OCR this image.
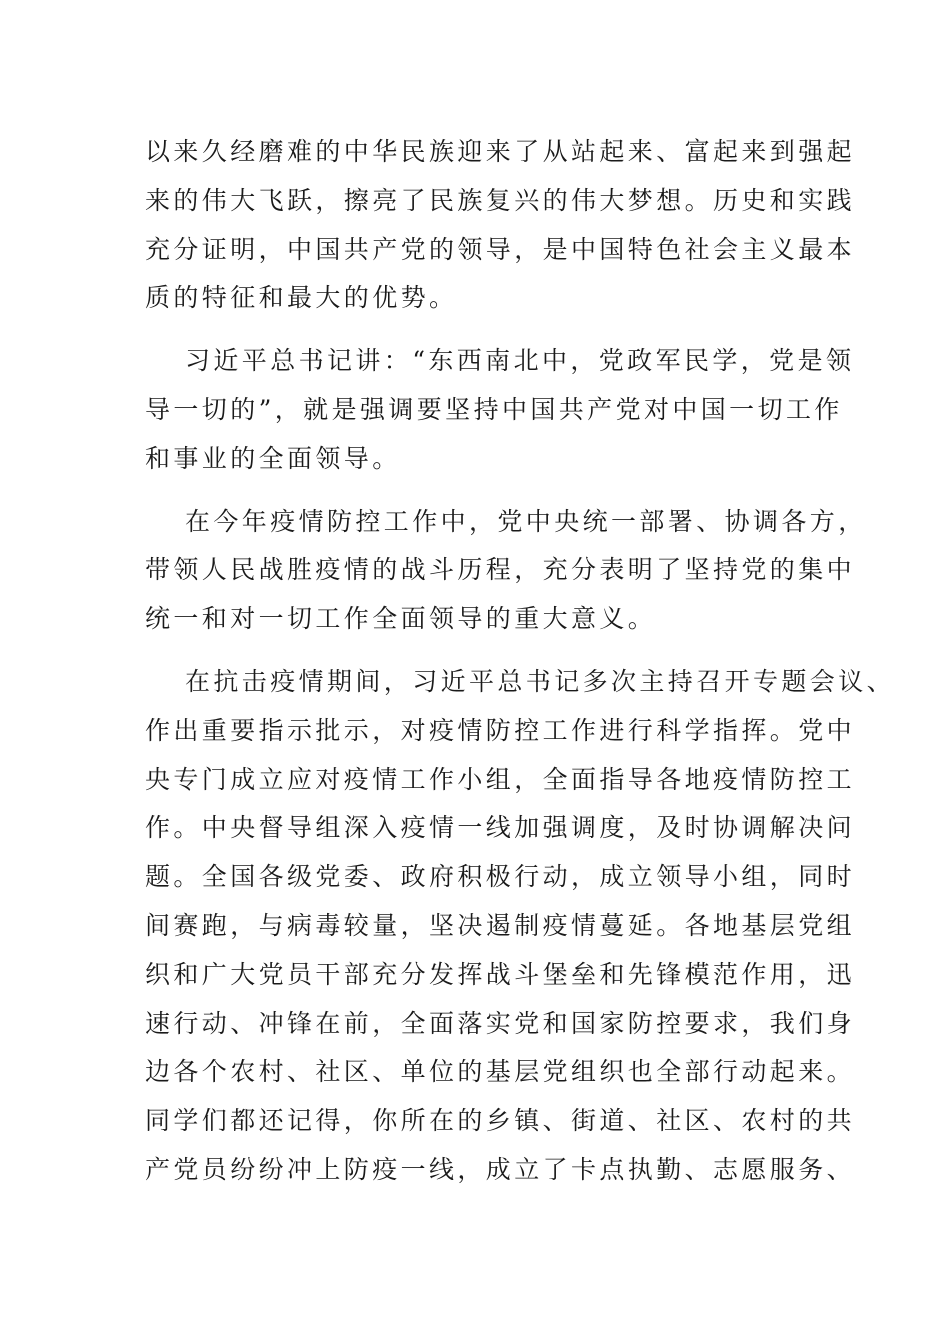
以来久经磨难的中华民族迎来了从站起来、富起来到强起
来的伟大飞跃，擦亮了民族复兴的伟大梦想。历史和实践
充分证明，中国共产党的领导，是中国特色社会主义最本
质的特征和最大的优势。

习近平总书记讲：“东西南北中，党政军民学，党是领
导一切的”，就是强调要坚持中国共产党对中国一切工作
和事业的全面领导。

在今年疫情防控工作中，党中央统一部署、协调各方，
带领人民战胜疫情的战斗历程，充分表明了坚持党的集中
统一和对一切工作全面领导的重大意义。

在抗击疫情期间，习近平总书记多次主持召开专题会议、
作出重要指示批示，对疫情防控工作进行科学指挥。党中
央专门成立应对疫情工作小组，全面指导各地疫情防控工
作。中央督导组深入疫情一线加强调度，及时协调解决问
题。全国各级党委、政府积极行动，成立领导小组，同时
间赛跑，与病毒较量，坚决遏制疫情蔓延。各地基层党组
织和广大党员干部充分发挥战斗堡垒和先锋模范作用，迅
速行动、冲锋在前，全面落实党和国家防控要求，我们身
边各个农村、社区、单位的基层党组织也全部行动起来。
同学们都还记得，你所在的乡镇、街道、社区、农村的共
产党员纷纷冲上防疫一线，成立了卡点执勤、志愿服务、
